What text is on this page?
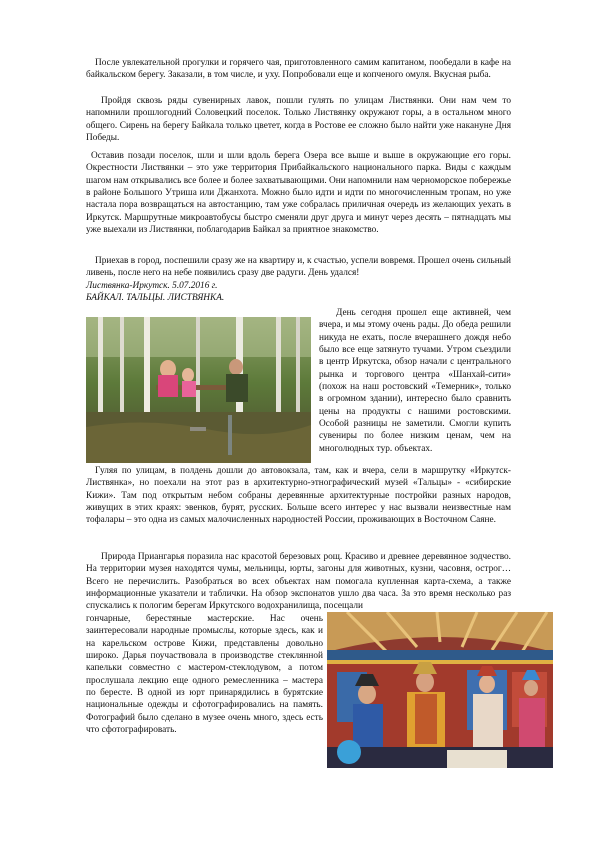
После увлекательной прогулки и горячего чая, приготовленного самим капитаном, пообедали в кафе на байкальском берегу. Заказали, в том числе, и уху. Попробовали еще и копченого омуля. Вкусная рыба.

Пройдя сквозь ряды сувенирных лавок, пошли гулять по улицам Листвянки. Они нам чем то напомнили прошлогодний Соловецкий поселок. Только Листвянку окружают горы, а в остальном много общего. Сирень на берегу Байкала только цветет, когда в Ростове ее сложно было найти уже накануне Дня Победы.

Оставив позади поселок, шли и шли вдоль берега Озера все выше и выше в окружающие его горы. Окрестности Листвянки – это уже территория Прибайкальского национального парка. Виды с каждым шагом нам открывались все более и более захватывающими. Они напомнили нам черноморское побережье в районе Большого Утриша или Джанхота. Можно было идти и идти по многочисленным тропам, но уже настала пора возвращаться на автостанцию, там уже собралась приличная очередь из желающих уехать в Иркутск. Маршрутные микроавтобусы быстро сменяли друг друга и минут через десять – пятнадцать мы уже выехали из Листвянки, поблагодарив Байкал за приятное знакомство.

Приехав в город, поспешили сразу же на квартиру и, к счастью, успели вовремя. Прошел очень сильный ливень, после него на небе появились сразу две радуги. День удался!

Листвянка-Иркутск. 5.07.2016 г.

БАЙКАЛ. ТАЛЬЦЫ. ЛИСТВЯНКА.

День сегодня прошел еще активней, чем вчера, и мы этому очень рады. До обеда решили никуда не ехать, после вчерашнего дождя небо было все еще затянуто тучами. Утром съездили в центр Иркутска, обзор начали с центрального рынка и торгового центра «Шанхай-сити» (похож на наш ростовский «Темерник», только в огромном здании), интересно было сравнить цены на продукты с нашими ростовскими. Особой разницы не заметили. Смогли купить сувениры по более низким ценам, чем на многолюдных тур. объектах.

Гуляя по улицам, в полдень дошли до автовокзала, там, как и вчера, сели в маршрутку «Иркутск-Листвянка», но поехали на этот раз в архитектурно-этнографический музей «Тальцы» - «сибирские Кижи». Там под открытым небом собраны деревянные архитектурные постройки разных народов, живущих в этих краях: эвенков, бурят, русских. Больше всего интерес у нас вызвали неизвестные нам тофалары – это одна из самых малочисленных народностей России, проживающих в Восточном Саяне.

Природа Приангарья поразила нас красотой березовых рощ. Красиво и древнее деревянное зодчество. На территории музея находятся чумы, мельницы, юрты, загоны для животных, кузни, часовня, острог… Всего не перечислить. Разобраться во всех объектах нам помогала купленная карта-схема, а также информационные указатели и таблички. На обзор экспонатов ушло два часа. За это время несколько раз спускались к пологим берегам Иркутского водохранилища, посещали

гончарные, берестяные мастерские. Нас очень заинтересовали народные промыслы, которые здесь, как и на карельском острове Кижи, представлены довольно широко. Дарья поучаствовала в производстве стеклянной капельки совместно с мастером-стеклодувом, а потом прослушала лекцию еще одного ремесленника – мастера по бересте. В одной из юрт принарядились в бурятские национальные одежды и сфотографировались на память. Фотографий было сделано в музее очень много, здесь есть что сфотографировать.
